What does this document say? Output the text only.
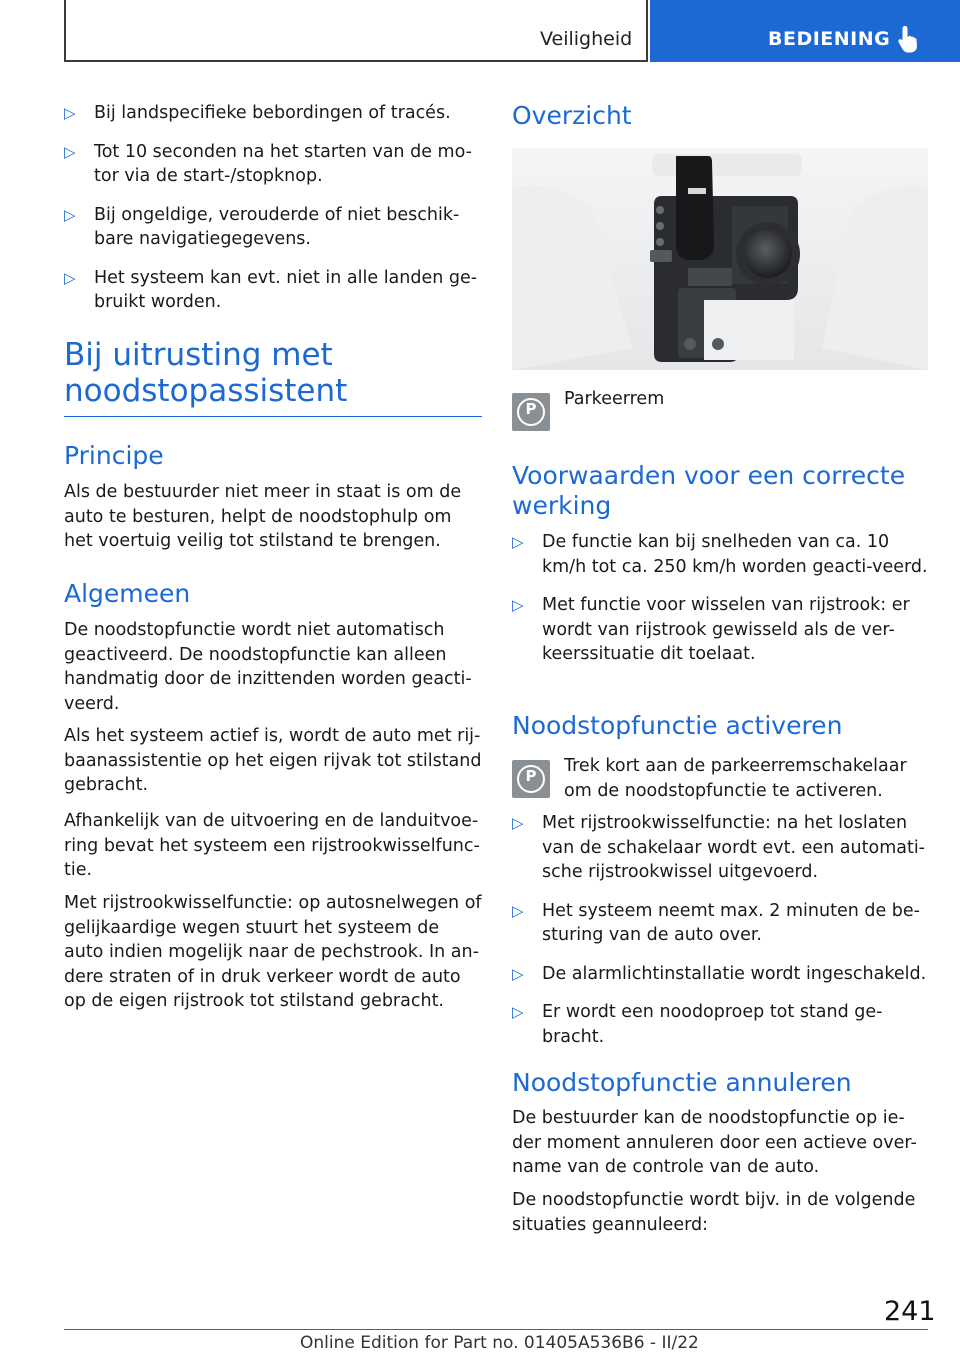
Veiligheid	BEDIENING
▷ Bij landspecifieke bebordingen of tracés.
▷ Tot 10 seconden na het starten van de mo-tor via de start-/stopknop.
▷ Bij ongeldige, verouderde of niet beschik-bare navigatiegegevens.
▷ Het systeem kan evt. niet in alle landen ge-bruikt worden.
Bij uitrusting met
noodstopassistent
Principe

Als de bestuurder niet meer in staat is om de auto te besturen, helpt de noodstophulp om het voertuig veilig tot stilstand te brengen.

Algemeen

De noodstopfunctie wordt niet automatisch geactiveerd. De noodstopfunctie kan alleen handmatig door de inzittenden worden geacti-veerd.

Als het systeem actief is, wordt de auto met rij-baanassistentie op het eigen rijvak tot stilstand gebracht.

Afhankelijk van de uitvoering en de landuitvoe-ring bevat het systeem een rijstrookwisselfunc-tie.

Met rijstrookwisselfunctie: op autosnelwegen of gelijkaardige wegen stuurt het systeem de auto indien mogelijk naar de pechstrook. In an-dere straten of in druk verkeer wordt de auto op de eigen rijstrook tot stilstand gebracht.

Overzicht
P	Parkeerrem

Voorwaarden voor een correcte werking
▷ De functie kan bij snelheden van ca. 10 km/h tot ca. 250 km/h worden geacti-veerd.
▷ Met functie voor wisselen van rijstrook: er wordt van rijstrook gewisseld als de ver-keerssituatie dit toelaat.
Noodstopfunctie activeren
P	Trek kort aan de parkeerremschakelaar om de noodstopfunctie te activeren.

▷ Met rijstrookwisselfunctie: na het loslaten van de schakelaar wordt evt. een automati-sche rijstrookwissel uitgevoerd.
▷ Het systeem neemt max. 2 minuten de be-sturing van de auto over.
▷ De alarmlichtinstallatie wordt ingeschakeld.
▷ Er wordt een noodoproep tot stand ge-bracht.
Noodstopfunctie annuleren

De bestuurder kan de noodstopfunctie op ie-der moment annuleren door een actieve over-name van de controle van de auto.

De noodstopfunctie wordt bijv. in de volgende situaties geannuleerd:

241
Online Edition for Part no. 01405A536B6 - II/22
